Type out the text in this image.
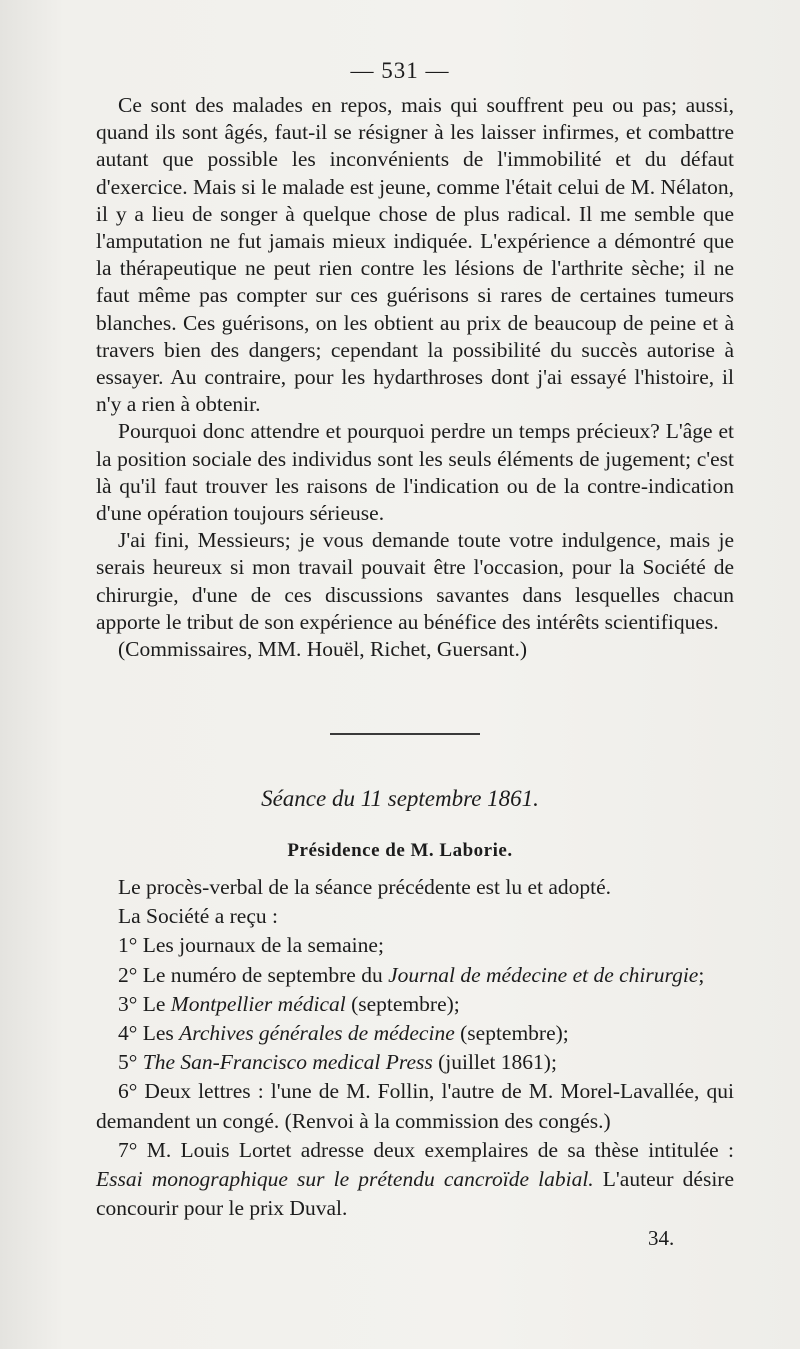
— 531 —

Ce sont des malades en repos, mais qui souffrent peu ou pas; aussi, quand ils sont âgés, faut-il se résigner à les laisser infirmes, et combattre autant que possible les inconvénients de l'immobilité et du défaut d'exercice. Mais si le malade est jeune, comme l'était celui de M. Nélaton, il y a lieu de songer à quelque chose de plus radical. Il me semble que l'amputation ne fut jamais mieux indiquée. L'expérience a démontré que la thérapeutique ne peut rien contre les lésions de l'arthrite sèche; il ne faut même pas compter sur ces guérisons si rares de certaines tumeurs blanches. Ces guérisons, on les obtient au prix de beaucoup de peine et à travers bien des dangers; cependant la possibilité du succès autorise à essayer. Au contraire, pour les hydarthroses dont j'ai essayé l'histoire, il n'y a rien à obtenir.

Pourquoi donc attendre et pourquoi perdre un temps précieux? L'âge et la position sociale des individus sont les seuls éléments de jugement; c'est là qu'il faut trouver les raisons de l'indication ou de la contre-indication d'une opération toujours sérieuse.

J'ai fini, Messieurs; je vous demande toute votre indulgence, mais je serais heureux si mon travail pouvait être l'occasion, pour la Société de chirurgie, d'une de ces discussions savantes dans lesquelles chacun apporte le tribut de son expérience au bénéfice des intérêts scientifiques.

(Commissaires, MM. Houël, Richet, Guersant.)

Séance du 11 septembre 1861.
Présidence de M. Laborie.

Le procès-verbal de la séance précédente est lu et adopté.

La Société a reçu :

1° Les journaux de la semaine;

2° Le numéro de septembre du Journal de médecine et de chirurgie;

3° Le Montpellier médical (septembre);

4° Les Archives générales de médecine (septembre);

5° The San-Francisco medical Press (juillet 1861);

6° Deux lettres : l'une de M. Follin, l'autre de M. Morel-Lavallée, qui demandent un congé. (Renvoi à la commission des congés.)

7° M. Louis Lortet adresse deux exemplaires de sa thèse intitulée : Essai monographique sur le prétendu cancroïde labial. L'auteur désire concourir pour le prix Duval.

34.
